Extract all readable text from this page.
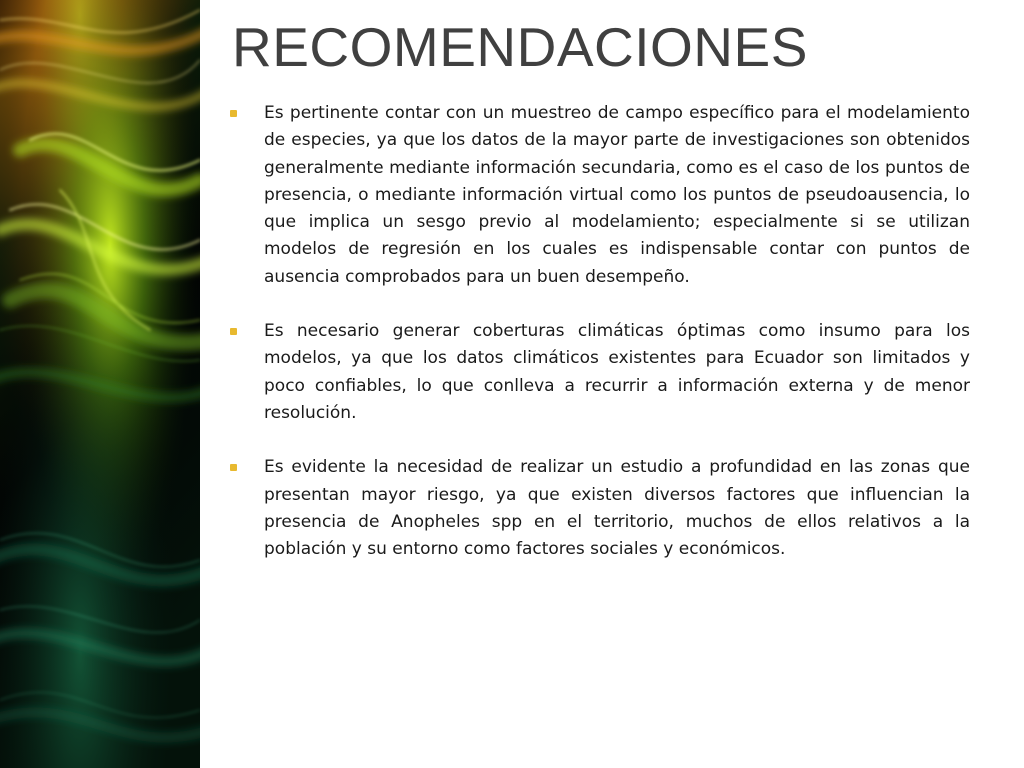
RECOMENDACIONES
Es pertinente contar con un muestreo de campo específico para el modelamiento de especies, ya que los datos de la mayor parte de investigaciones son obtenidos generalmente mediante información secundaria, como es el caso de los puntos de presencia, o mediante información virtual como los puntos de pseudoausencia, lo que implica un sesgo previo al modelamiento; especialmente si se utilizan modelos de regresión en los cuales es indispensable contar con puntos de ausencia comprobados para un buen desempeño.
Es necesario generar coberturas climáticas óptimas como insumo para los modelos, ya que los datos climáticos existentes para Ecuador son limitados y poco confiables, lo que conlleva a recurrir a información externa y de menor resolución.
Es evidente la necesidad de realizar un estudio a profundidad en las zonas que presentan mayor riesgo, ya que existen diversos factores que influencian la presencia de Anopheles spp en el territorio, muchos de ellos relativos a la población y su entorno como factores sociales y económicos.
